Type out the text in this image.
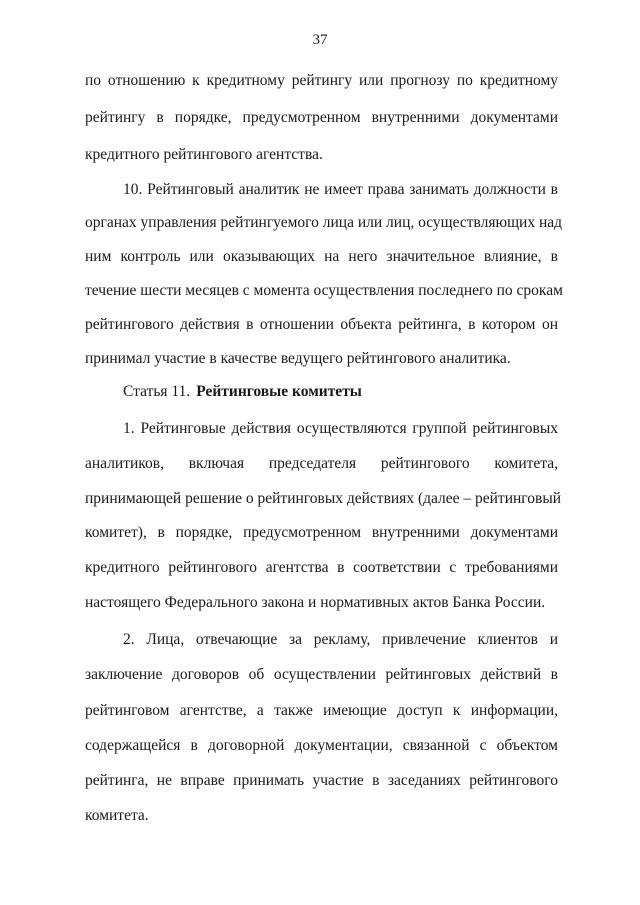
37
по отношению к кредитному рейтингу или прогнозу по кредитному
рейтингу в порядке, предусмотренном внутренними документами
кредитного рейтингового агентства.
10. Рейтинговый аналитик не имеет права занимать должности в
органах управления рейтингуемого лица или лиц, осуществляющих над
ним контроль или оказывающих на него значительное влияние, в
течение шести месяцев с момента осуществления последнего по срокам
рейтингового действия в отношении объекта рейтинга, в котором он
принимал участие в качестве ведущего рейтингового аналитика.
Статья 11. Рейтинговые комитеты
1. Рейтинговые действия осуществляются группой рейтинговых
аналитиков, включая председателя рейтингового комитета,
принимающей решение о рейтинговых действиях (далее – рейтинговый
комитет), в порядке, предусмотренном внутренними документами
кредитного рейтингового агентства в соответствии с требованиями
настоящего Федерального закона и нормативных актов Банка России.
2. Лица, отвечающие за рекламу, привлечение клиентов и
заключение договоров об осуществлении рейтинговых действий в
рейтинговом агентстве, а также имеющие доступ к информации,
содержащейся в договорной документации, связанной с объектом
рейтинга, не вправе принимать участие в заседаниях рейтингового
комитета.
